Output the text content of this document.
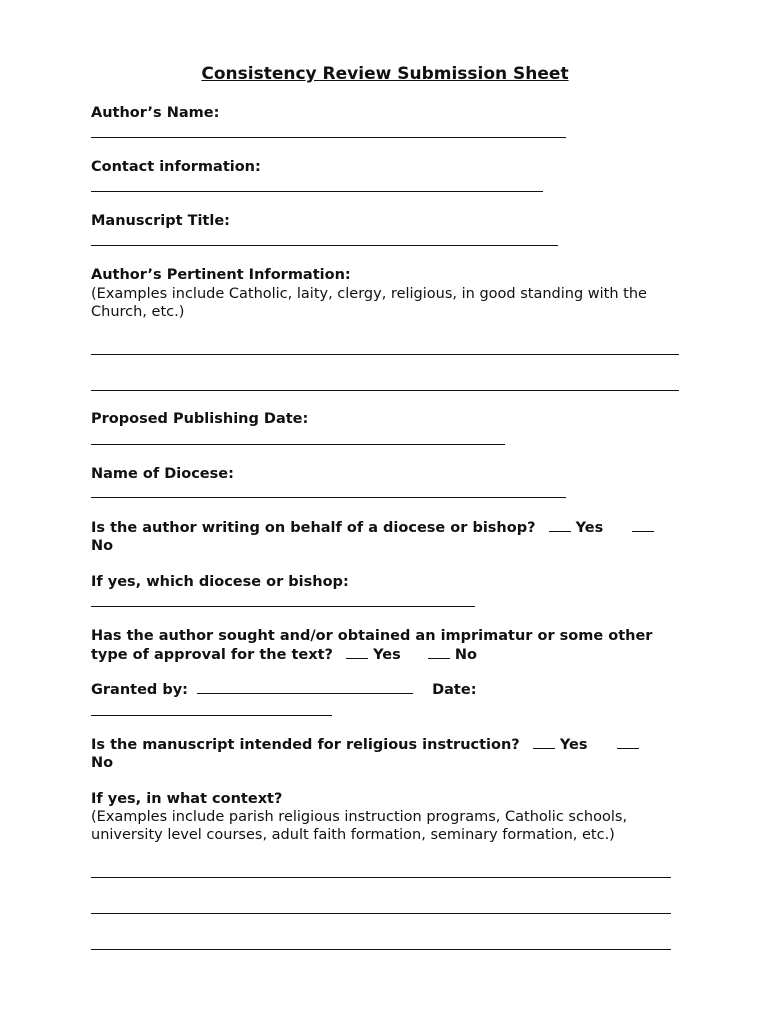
Consistency Review Submission Sheet
Author’s Name:
Contact information:
Manuscript Title:
Author’s Pertinent Information:
(Examples include Catholic, laity, clergy, religious, in good standing with the Church, etc.)
Proposed Publishing Date:
Name of Diocese:
Is the author writing on behalf of a diocese or bishop?	Yes
No
If yes, which diocese or bishop:
Has the author sought and/or obtained an imprimatur or some other
type of approval for the text?	Yes	No
Granted by:	Date:
Is the manuscript intended for religious instruction?	Yes
No
If yes, in what context?
(Examples include parish religious instruction programs, Catholic schools, university level courses, adult faith formation, seminary formation, etc.)
